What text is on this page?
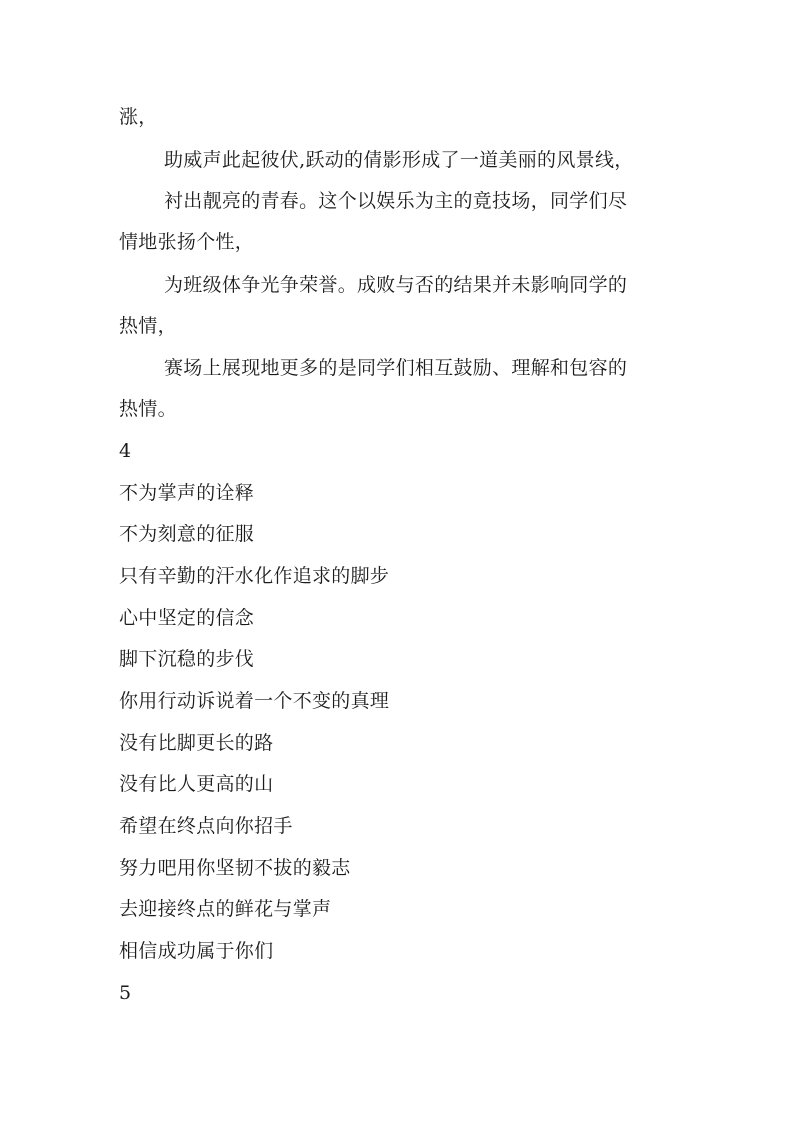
涨，

助威声此起彼伏,跃动的倩影形成了一道美丽的风景线，

衬出靓亮的青春。这个以娱乐为主的竟技场，同学们尽

情地张扬个性，

为班级体争光争荣誉。成败与否的结果并未影响同学的

热情，

赛场上展现地更多的是同学们相互鼓励、理解和包容的

热情。

4

不为掌声的诠释

不为刻意的征服

只有辛勤的汗水化作追求的脚步

心中坚定的信念

脚下沉稳的步伐

你用行动诉说着一个不变的真理

没有比脚更长的路

没有比人更高的山

希望在终点向你招手

努力吧用你坚韧不拔的毅志

去迎接终点的鲜花与掌声

相信成功属于你们

5
